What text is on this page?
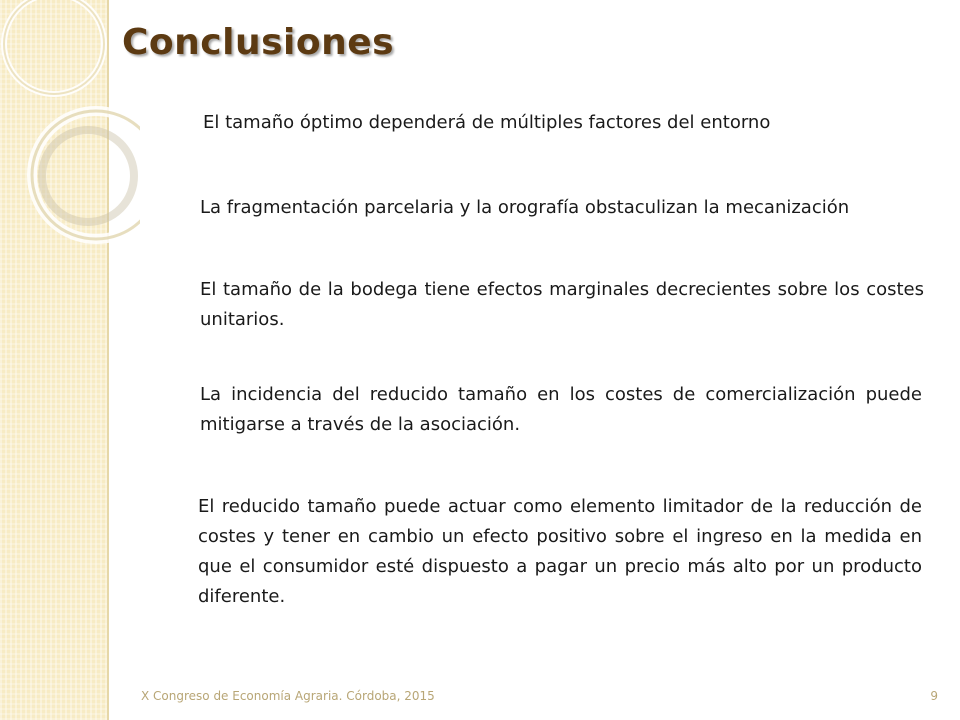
Conclusiones

El tamaño óptimo dependerá de múltiples factores del entorno

La fragmentación parcelaria y la orografía obstaculizan la mecanización

El tamaño de la bodega tiene efectos marginales decrecientes sobre los costes unitarios.

La incidencia del reducido tamaño en los costes de comercialización puede mitigarse a través de la asociación.

El reducido tamaño puede actuar como elemento limitador de la reducción de costes y tener en cambio un efecto positivo sobre el ingreso en la medida en que el consumidor esté dispuesto a pagar un precio más alto por un producto diferente.

X Congreso de Economía Agraria. Córdoba, 2015	9
